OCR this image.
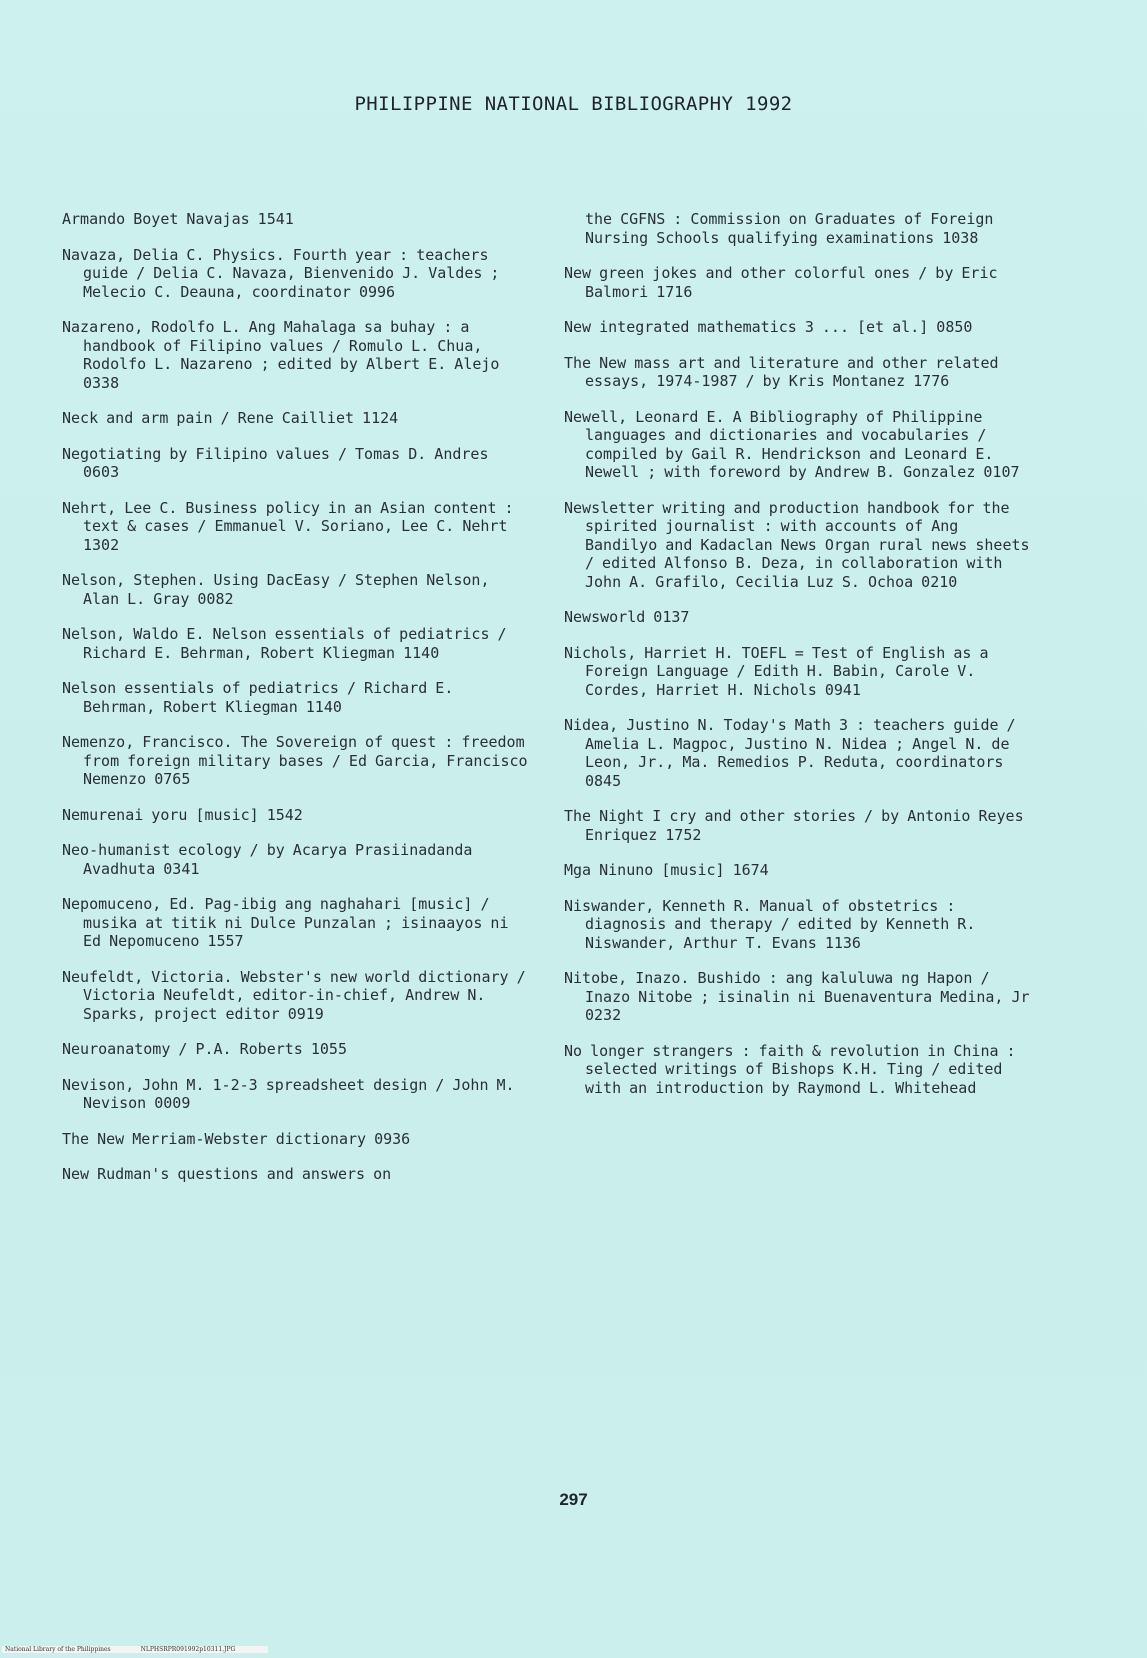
PHILIPPINE NATIONAL BIBLIOGRAPHY 1992

Armando Boyet Navajas 1541

Navaza, Delia C. Physics. Fourth year : teachers guide / Delia C. Navaza, Bienvenido J. Valdes ; Melecio C. Deauna, coordinator 0996

Nazareno, Rodolfo L. Ang Mahalaga sa buhay : a handbook of Filipino values / Romulo L. Chua, Rodolfo L. Nazareno ; edited by Albert E. Alejo 0338

Neck and arm pain / Rene Cailliet 1124

Negotiating by Filipino values / Tomas D. Andres 0603

Nehrt, Lee C. Business policy in an Asian content : text & cases / Emmanuel V. Soriano, Lee C. Nehrt 1302

Nelson, Stephen. Using DacEasy / Stephen Nelson, Alan L. Gray 0082

Nelson, Waldo E. Nelson essentials of pediatrics / Richard E. Behrman, Robert Kliegman 1140

Nelson essentials of pediatrics / Richard E. Behrman, Robert Kliegman 1140

Nemenzo, Francisco. The Sovereign of quest : freedom from foreign military bases / Ed Garcia, Francisco Nemenzo 0765

Nemurenai yoru [music] 1542

Neo-humanist ecology / by Acarya Prasiinadanda Avadhuta 0341

Nepomuceno, Ed. Pag-ibig ang naghahari [music] / musika at titik ni Dulce Punzalan ; isinaayos ni Ed Nepomuceno 1557

Neufeldt, Victoria. Webster's new world dictionary / Victoria Neufeldt, editor-in-chief, Andrew N. Sparks, project editor 0919

Neuroanatomy / P.A. Roberts 1055

Nevison, John M. 1-2-3 spreadsheet design / John M. Nevison 0009

The New Merriam-Webster dictionary 0936

New Rudman's questions and answers on

the CGFNS : Commission on Graduates of Foreign Nursing Schools qualifying examinations 1038

New green jokes and other colorful ones / by Eric Balmori 1716

New integrated mathematics 3 ... [et al.] 0850

The New mass art and literature and other related essays, 1974-1987 / by Kris Montanez 1776

Newell, Leonard E. A Bibliography of Philippine languages and dictionaries and vocabularies / compiled by Gail R. Hendrickson and Leonard E. Newell ; with foreword by Andrew B. Gonzalez 0107

Newsletter writing and production handbook for the spirited journalist : with accounts of Ang Bandilyo and Kadaclan News Organ rural news sheets / edited Alfonso B. Deza, in collaboration with John A. Grafilo, Cecilia Luz S. Ochoa 0210

Newsworld 0137

Nichols, Harriet H. TOEFL = Test of English as a Foreign Language / Edith H. Babin, Carole V. Cordes, Harriet H. Nichols 0941

Nidea, Justino N. Today's Math 3 : teachers guide / Amelia L. Magpoc, Justino N. Nidea ; Angel N. de Leon, Jr., Ma. Remedios P. Reduta, coordinators 0845

The Night I cry and other stories / by Antonio Reyes Enriquez 1752

Mga Ninuno [music] 1674

Niswander, Kenneth R. Manual of obstetrics : diagnosis and therapy / edited by Kenneth R. Niswander, Arthur T. Evans 1136

Nitobe, Inazo. Bushido : ang kaluluwa ng Hapon / Inazo Nitobe ; isinalin ni Buenaventura Medina, Jr 0232

No longer strangers : faith & revolution in China : selected writings of Bishops K.H. Ting / edited with an introduction by Raymond L. Whitehead

297
National Library of the Philippines	NLPHSRPR091992p10311.JPG
